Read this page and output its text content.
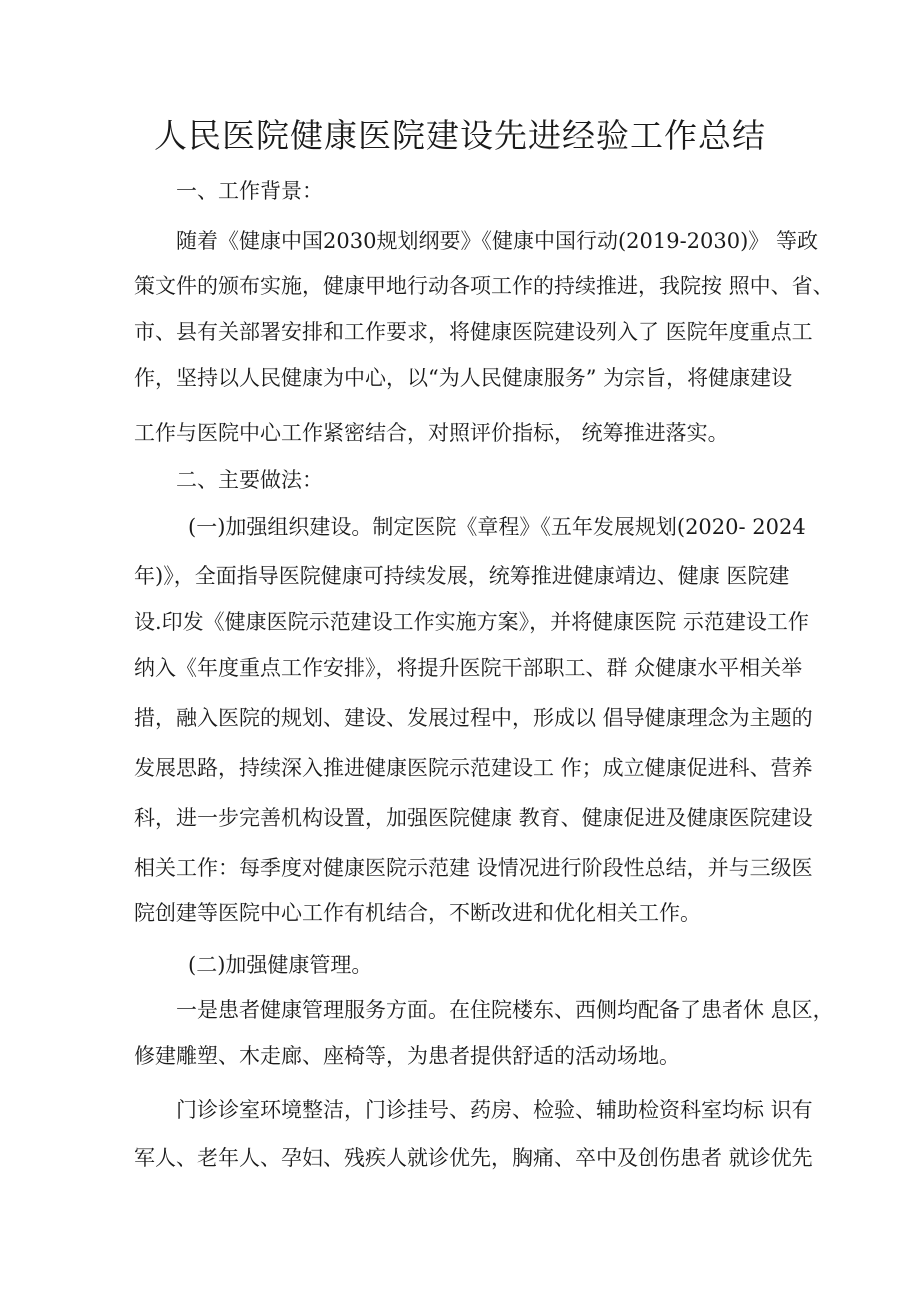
人民医院健康医院建设先进经验工作总结
一、工作背景：
随着《健康中国2030规划纲要》《健康中国行动(2019-2030)》 等政
策文件的颁布实施，健康甲地行动各项工作的持续推进，我院按 照中、省、
市、县有关部署安排和工作要求，将健康医院建设列入了 医院年度重点工
作，坚持以人民健康为中心，以“为人民健康服务” 为宗旨，将健康建设
工作与医院中心工作紧密结合，对照评价指标， 统筹推进落实。
二、主要做法：
(一)加强组织建设。制定医院《章程》《五年发展规划(2020- 2024
年)》，全面指导医院健康可持续发展，统筹推进健康靖边、健康 医院建
设.印发《健康医院示范建设工作实施方案》，并将健康医院 示范建设工作
纳入《年度重点工作安排》，将提升医院干部职工、群 众健康水平相关举
措，融入医院的规划、建设、发展过程中，形成以 倡导健康理念为主题的
发展思路，持续深入推进健康医院示范建设工 作；成立健康促进科、营养
科，进一步完善机构设置，加强医院健康 教育、健康促进及健康医院建设
相关工作：每季度对健康医院示范建 设情况进行阶段性总结，并与三级医
院创建等医院中心工作有机结合，不断改进和优化相关工作。
(二)加强健康管理。
一是患者健康管理服务方面。在住院楼东、西侧均配备了患者休 息区，
修建雕塑、木走廊、座椅等，为患者提供舒适的活动场地。
门诊诊室环境整洁，门诊挂号、药房、检验、辅助检资科室均标 识有
军人、老年人、孕妇、残疾人就诊优先，胸痛、卒中及创伤患者 就诊优先
